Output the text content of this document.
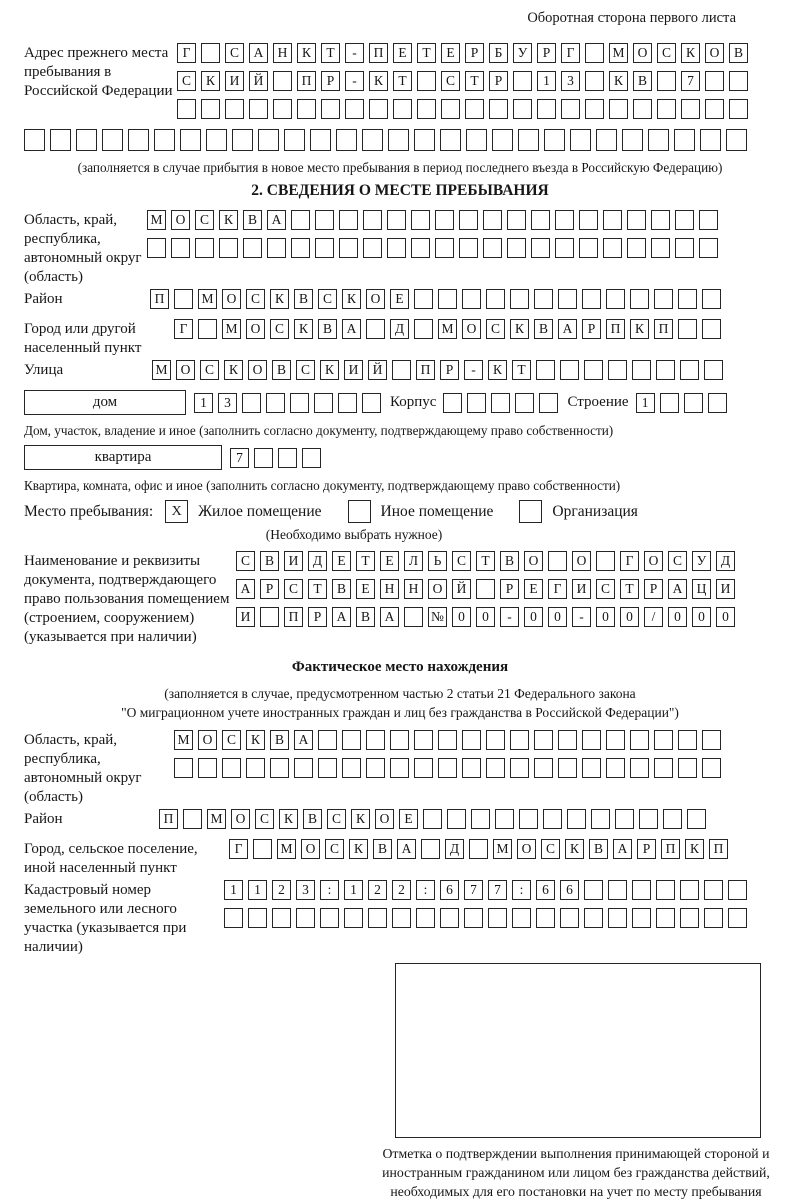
Оборотная сторона первого листа
Адрес прежнего места пребывания в Российской Федерации
Г	С	А	Н	К	Т	-	П	Е	Т	Е	Р	Б	У	Р	Г	М О	С	К	О	В
С	К	И	Й	П	Р	-	К	Т	С	Т	Р	1	3	К	В	7
(заполняется в случае прибытия в новое место пребывания в период последнего въезда в Российскую Федерацию)
2. СВЕДЕНИЯ О МЕСТЕ ПРЕБЫВАНИЯ
Область, край, республика, автономный округ (область)
М О	С	К	В	А
Район	П	М О	С	К	В	С	К	О	Е
Город или другой населенный пункт
Г	М О	С	К	В	А	Д	М О	С	К	В	А	Р	П	К	П
Улица	М О	С	К	О	В	С	К	И	Й	П	Р	-	К	Т
дом	1	3	Корпус	Строение 1
Дом, участок, владение и иное (заполнить согласно документу, подтверждающему право собственности)
квартира	7
Квартира, комната, офис и иное (заполнить согласно документу, подтверждающему право собственности)
Место пребывания:	X	Жилое помещение	Иное помещение	Организация
(Необходимо выбрать нужное)
Наименование и реквизиты документа, подтверждающего право пользования помещением (строением, сооружением) (указывается при наличии)
С	В	И	Д	Е	Т	Е	Л	Ь	С	Т	В	О	О	Г	О	С	У	Д
А	Р	С	Т	В	Е	Н	Н	О	Й	Р	Е	Г	И	С	Т	Р	А	Ц	И
И	П	Р	А	В	А	№	0	0	-	0	0	-	0	0	/	0	0	0
Фактическое место нахождения
(заполняется в случае, предусмотренном частью 2 статьи 21 Федерального закона
"О миграционном учете иностранных граждан и лиц без гражданства в Российской Федерации")
Область, край, республика, автономный округ (область)
М О	С	К	В	А
Район	П	М О	С	К	В	С	К	О	Е
Город, сельское поселение, иной населенный пункт
Г	М О	С	К	В	А	Д	М О	С	К	В	А	Р	П	К	П
Кадастровый номер земельного или лесного участка (указывается при наличии)
1	1	2	3	:	1	2	2	:	6	7	7	:	6	6
Отметка о подтверждении выполнения принимающей стороной и иностранным гражданином или лицом без гражданства действий, необходимых для его постановки на учет по месту пребывания
